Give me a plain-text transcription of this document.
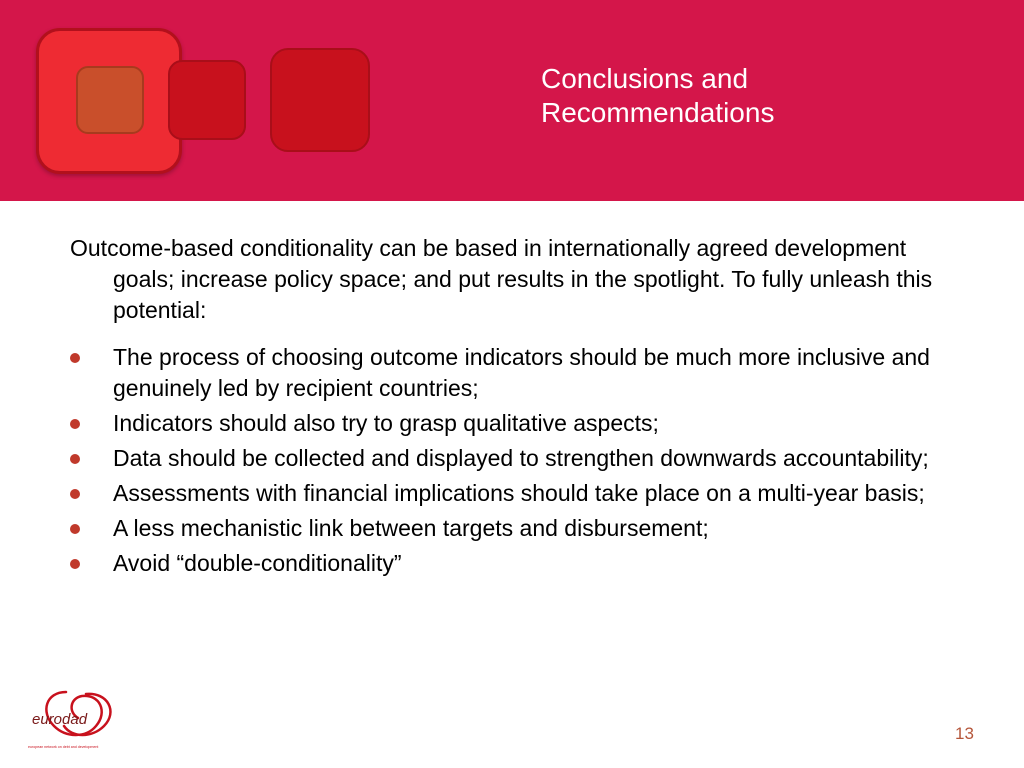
Conclusions and
Recommendations

Outcome-based conditionality can be based in internationally agreed development goals; increase policy space; and put results in the spotlight. To fully unleash this potential:

The process of choosing outcome indicators should be much more inclusive and genuinely led by recipient countries;
Indicators should also try to grasp qualitative aspects;
Data should be collected and displayed to strengthen downwards accountability;
Assessments with financial implications should take place on a multi-year basis;
A less mechanistic link between targets and disbursement;
Avoid “double-conditionality”
eurodad
european network on debt and development
13
